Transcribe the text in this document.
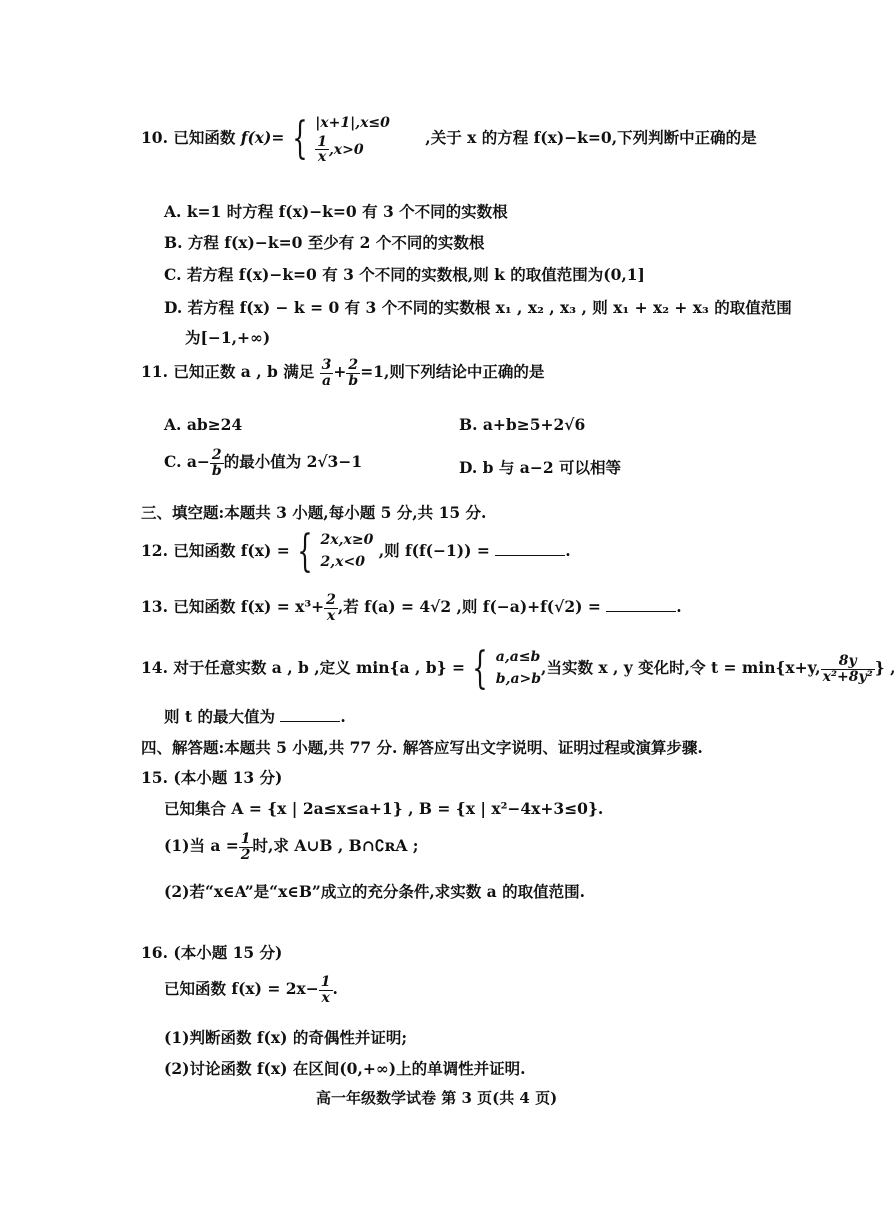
10. 已知函数 f(x)= { |x+1|,x≤0
$\frac{1}{x} ,x>0$
,关于 x 的方程 f(x)−k=0,下列判断中正确的是
A. k=1 时方程 f(x)−k=0 有 3 个不同的实数根
B. 方程 f(x)−k=0 至少有 2 个不同的实数根
C. 若方程 f(x)−k=0 有 3 个不同的实数根,则 k 的取值范围为(0,1]
D. 若方程 f(x) − k = 0 有 3 个不同的实数根 x₁ , x₂ , x₃ , 则 x₁ + x₂ + x₃ 的取值范围
为[−1,+∞)
11. 已知正数 a , b 满足 $\frac{3}{a} + \frac{2}{b} =1$,则下列结论中正确的是
A. ab≥24	B. a+b≥5+2√6
C. $a- \frac{2}{b}$ 的最小值为 2√3−1	D. b 与 a−2 可以相等
三、填空题:本题共 3 小题,每小题 5 分,共 15 分.
12. 已知函数 f(x) = { 2x,x≥0
2,x<0
,则 f(f(−1)) =	.
13. 已知函数 $f(x) = x^3+ \frac{2}{x}$ ,若 f(a) = 4√2 ,则 f(−a)+f(√2) =	.
14. 对于任意实数 a , b ,定义 min{a , b} = { a,a≤b
b,a>b
,当实数 x , y 变化时,令 t = min{x+y, $\frac{8y}{\text{x²+8y²}}$ } ,
则 t 的最大值为	.
四、解答题:本题共 5 小题,共 77 分. 解答应写出文字说明、证明过程或演算步骤.
15. (本小题 13 分)
已知集合 A = {x | 2a≤x≤a+1} , B = {x | x²−4x+3≤0}.
(1)当 $a = \frac{1}{2}$ 时,求 A∪B , B∩∁ʀA ;
(2)若“x∈A”是“x∈B”成立的充分条件,求实数 a 的取值范围.
16. (本小题 15 分)
已知函数 $f(x) = 2x- \frac{1}{x}$ .
(1)判断函数 f(x) 的奇偶性并证明;
(2)讨论函数 f(x) 在区间(0,+∞)上的单调性并证明.
高一年级数学试卷 第 3 页(共 4 页)
